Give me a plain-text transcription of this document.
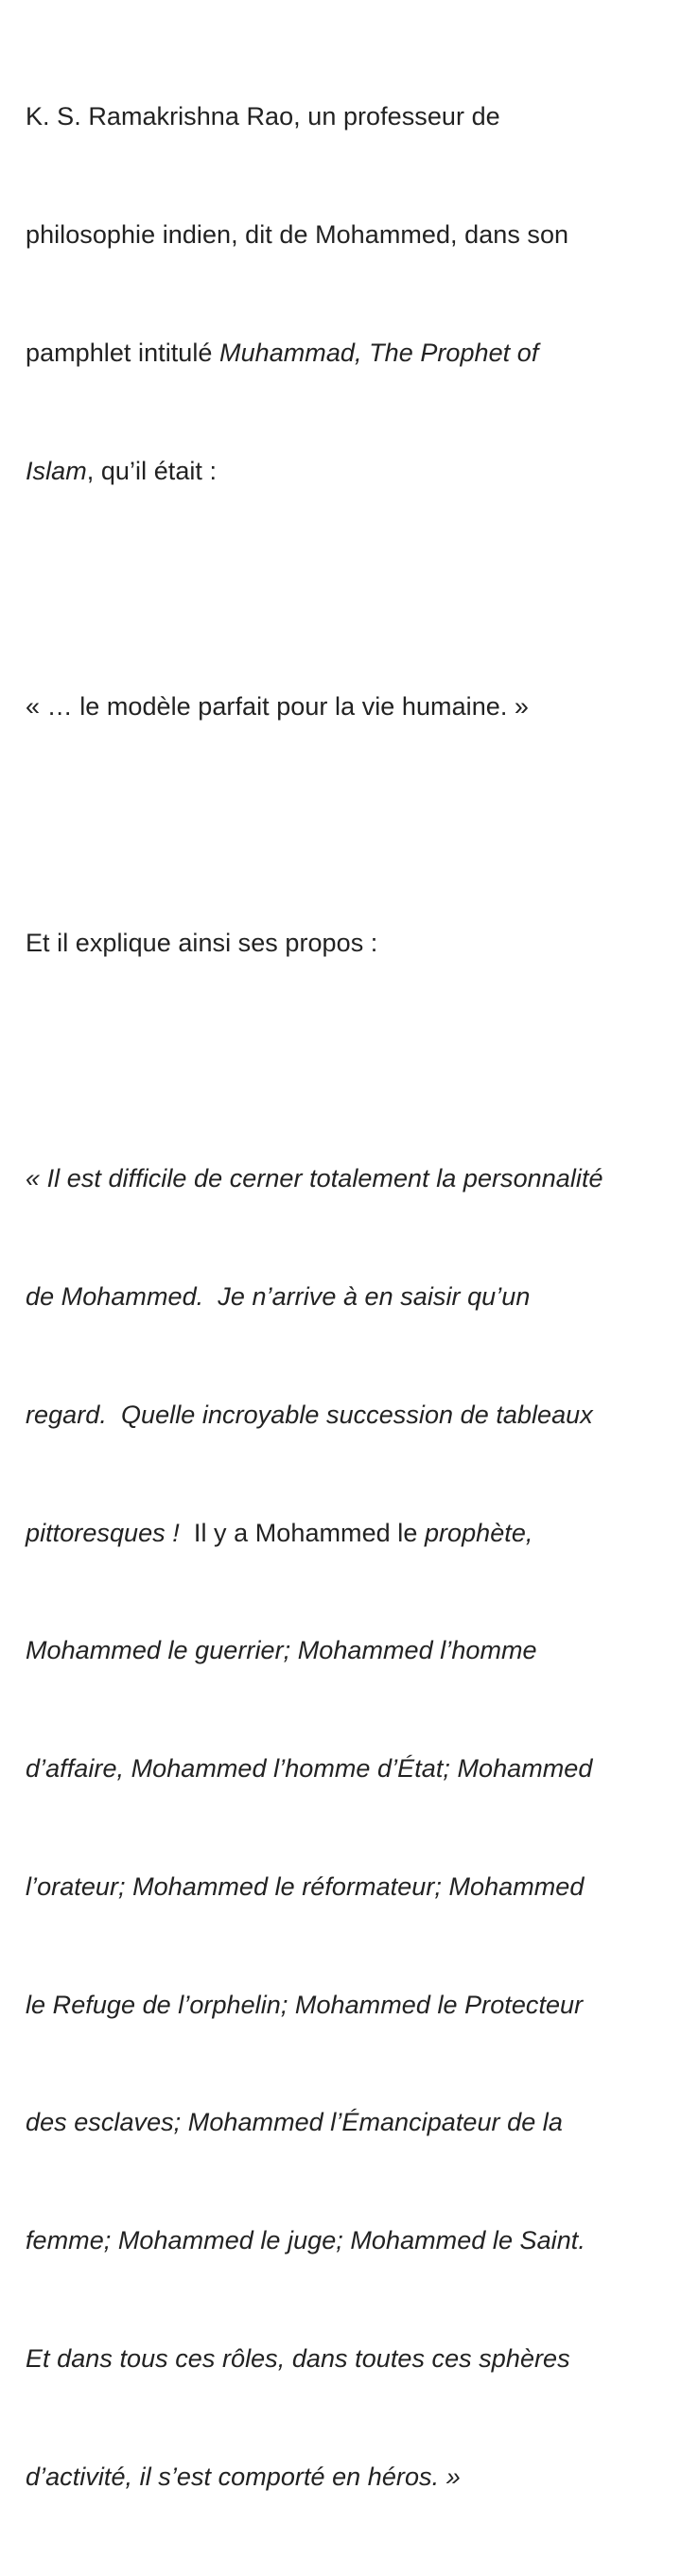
K. S. Ramakrishna Rao, un professeur de

philosophie indien, dit de Mohammed, dans son

pamphlet intitulé Muhammad, The Prophet of

Islam, qu’il était :

« … le modèle parfait pour la vie humaine. »

Et il explique ainsi ses propos :

« Il est difficile de cerner totalement la personnalité

de Mohammed.  Je n’arrive à en saisir qu’un

regard.  Quelle incroyable succession de tableaux

pittoresques !  Il y a Mohammed le prophète,

Mohammed le guerrier; Mohammed l’homme

d’affaire, Mohammed l’homme d’État; Mohammed

l’orateur; Mohammed le réformateur; Mohammed

le Refuge de l’orphelin; Mohammed le Protecteur

des esclaves; Mohammed l’Émancipateur de la

femme; Mohammed le juge; Mohammed le Saint.

Et dans tous ces rôles, dans toutes ces sphères

d’activité, il s’est comporté en héros. »
